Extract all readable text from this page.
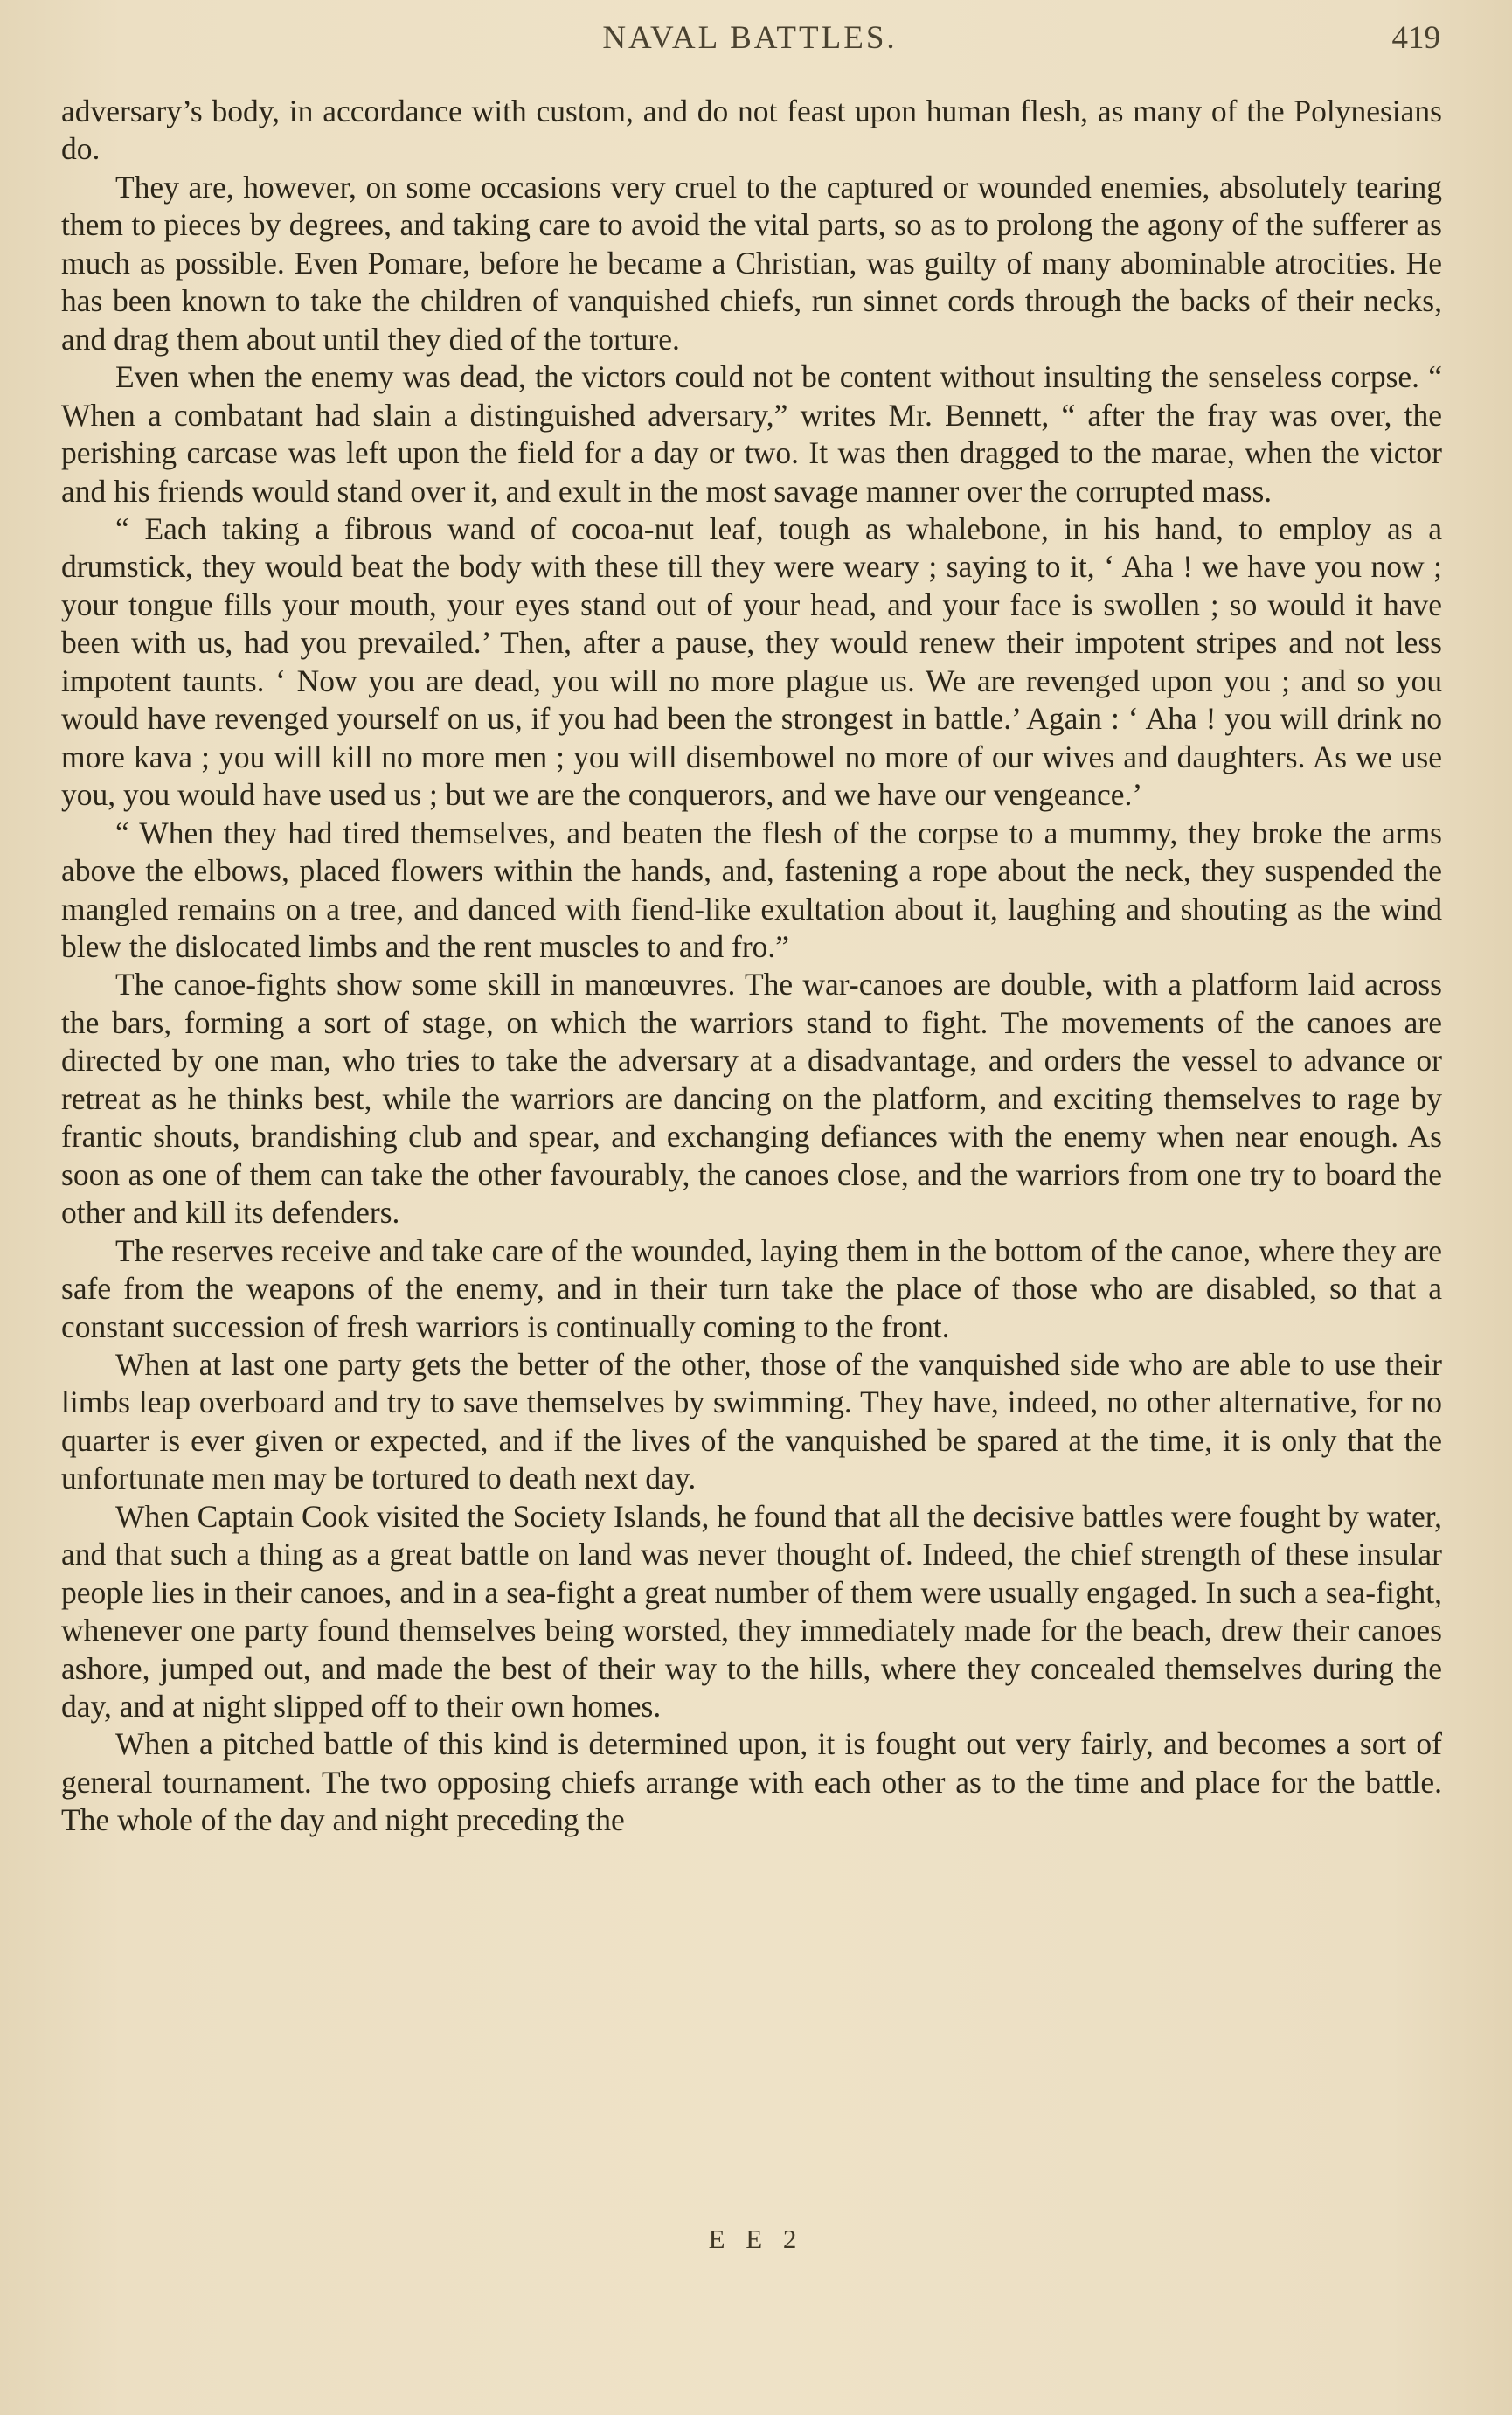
NAVAL BATTLES.	419

adversary’s body, in accordance with custom, and do not feast upon human flesh, as many of the Polynesians do.

They are, however, on some occasions very cruel to the captured or wounded enemies, absolutely tearing them to pieces by degrees, and taking care to avoid the vital parts, so as to prolong the agony of the sufferer as much as possible. Even Pomare, before he became a Christian, was guilty of many abominable atrocities. He has been known to take the children of vanquished chiefs, run sinnet cords through the backs of their necks, and drag them about until they died of the torture.

Even when the enemy was dead, the victors could not be content without insulting the senseless corpse. “ When a combatant had slain a distinguished adversary,” writes Mr. Bennett, “ after the fray was over, the perishing carcase was left upon the field for a day or two. It was then dragged to the marae, when the victor and his friends would stand over it, and exult in the most savage manner over the corrupted mass.

“ Each taking a fibrous wand of cocoa-nut leaf, tough as whalebone, in his hand, to employ as a drumstick, they would beat the body with these till they were weary ; saying to it, ‘ Aha ! we have you now ; your tongue fills your mouth, your eyes stand out of your head, and your face is swollen ; so would it have been with us, had you prevailed.’ Then, after a pause, they would renew their impotent stripes and not less impotent taunts. ‘ Now you are dead, you will no more plague us. We are revenged upon you ; and so you would have revenged yourself on us, if you had been the strongest in battle.’ Again : ‘ Aha ! you will drink no more kava ; you will kill no more men ; you will disembowel no more of our wives and daughters. As we use you, you would have used us ; but we are the conquerors, and we have our vengeance.’

“ When they had tired themselves, and beaten the flesh of the corpse to a mummy, they broke the arms above the elbows, placed flowers within the hands, and, fastening a rope about the neck, they suspended the mangled remains on a tree, and danced with fiend-like exultation about it, laughing and shouting as the wind blew the dislocated limbs and the rent muscles to and fro.”

The canoe-fights show some skill in manœuvres. The war-canoes are double, with a platform laid across the bars, forming a sort of stage, on which the warriors stand to fight. The movements of the canoes are directed by one man, who tries to take the adversary at a disadvantage, and orders the vessel to advance or retreat as he thinks best, while the warriors are dancing on the platform, and exciting themselves to rage by frantic shouts, brandishing club and spear, and exchanging defiances with the enemy when near enough. As soon as one of them can take the other favourably, the canoes close, and the warriors from one try to board the other and kill its defenders.

The reserves receive and take care of the wounded, laying them in the bottom of the canoe, where they are safe from the weapons of the enemy, and in their turn take the place of those who are disabled, so that a constant succession of fresh warriors is continually coming to the front.

When at last one party gets the better of the other, those of the vanquished side who are able to use their limbs leap overboard and try to save themselves by swimming. They have, indeed, no other alternative, for no quarter is ever given or expected, and if the lives of the vanquished be spared at the time, it is only that the unfortunate men may be tortured to death next day.

When Captain Cook visited the Society Islands, he found that all the decisive battles were fought by water, and that such a thing as a great battle on land was never thought of. Indeed, the chief strength of these insular people lies in their canoes, and in a sea-fight a great number of them were usually engaged. In such a sea-fight, whenever one party found themselves being worsted, they immediately made for the beach, drew their canoes ashore, jumped out, and made the best of their way to the hills, where they concealed themselves during the day, and at night slipped off to their own homes.

When a pitched battle of this kind is determined upon, it is fought out very fairly, and becomes a sort of general tournament. The two opposing chiefs arrange with each other as to the time and place for the battle. The whole of the day and night preceding the

E E 2
